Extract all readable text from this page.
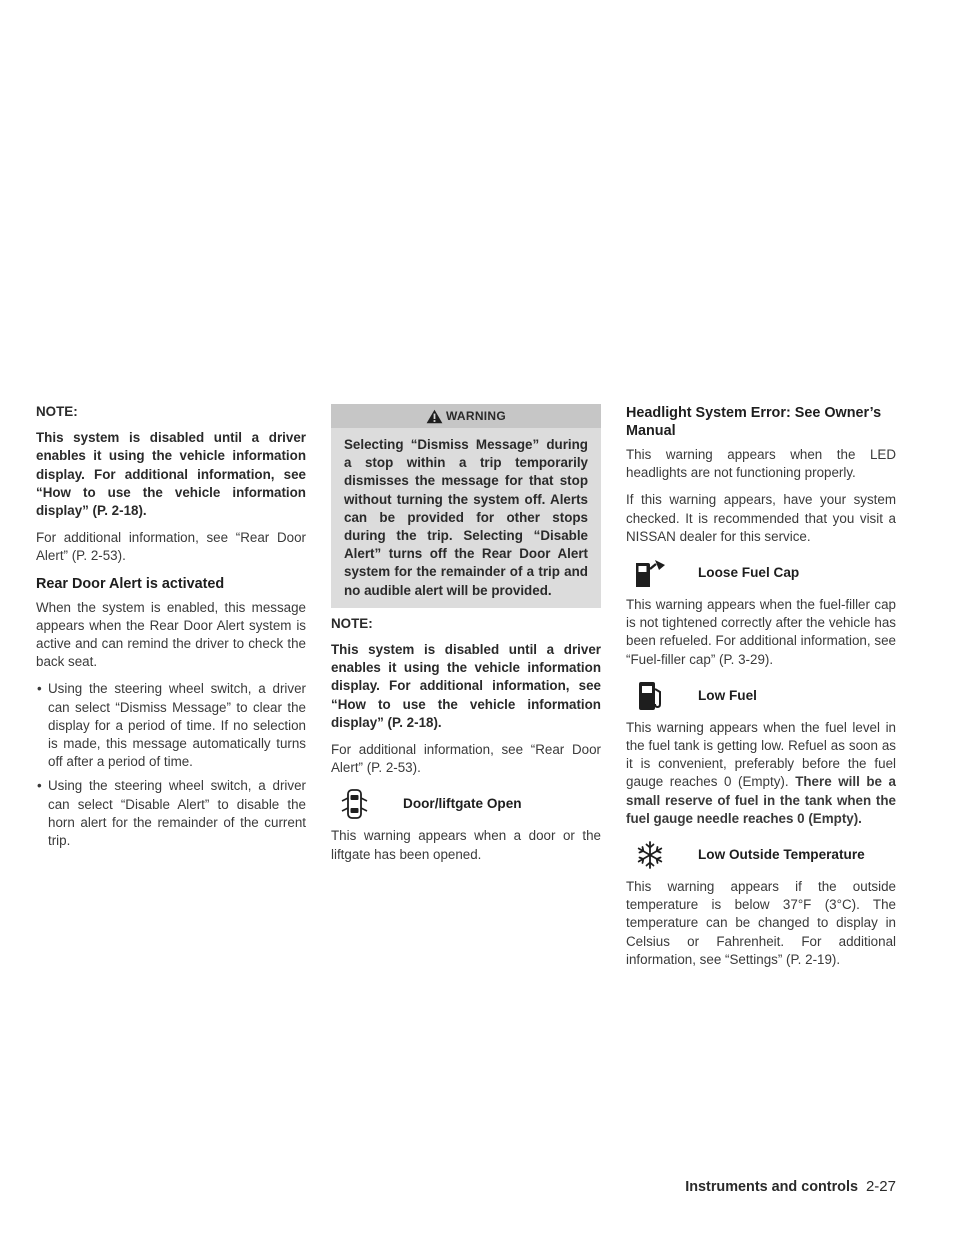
NOTE:

This system is disabled until a driver enables it using the vehicle information display. For additional information, see “How to use the vehicle information display” (P. 2-18).

For additional information, see “Rear Door Alert” (P. 2-53).

Rear Door Alert is activated

When the system is enabled, this message appears when the Rear Door Alert system is active and can remind the driver to check the back seat.

• Using the steering wheel switch, a driver can select “Dismiss Message” to clear the display for a period of time. If no selection is made, this message automatically turns off after a period of time.
• Using the steering wheel switch, a driver can select “Disable Alert” to disable the horn alert for the remainder of the current trip.
WARNING

Selecting “Dismiss Message” during a stop within a trip temporarily dismisses the message for that stop without turning the system off. Alerts can be provided for other stops during the trip. Selecting “Disable Alert” turns off the Rear Door Alert system for the remainder of a trip and no audible alert will be provided.

NOTE:

This system is disabled until a driver enables it using the vehicle information display. For additional information, see “How to use the vehicle information display” (P. 2-18).

For additional information, see “Rear Door Alert” (P. 2-53).

Door/liftgate Open

This warning appears when a door or the liftgate has been opened.

Headlight System Error: See Owner’s Manual

This warning appears when the LED headlights are not functioning properly.

If this warning appears, have your system checked. It is recommended that you visit a NISSAN dealer for this service.

Loose Fuel Cap

This warning appears when the fuel-filler cap is not tightened correctly after the vehicle has been refueled. For additional information, see “Fuel-filler cap” (P. 3-29).

Low Fuel

This warning appears when the fuel level in the fuel tank is getting low. Refuel as soon as it is convenient, preferably before the fuel gauge reaches 0 (Empty). There will be a small reserve of fuel in the tank when the fuel gauge needle reaches 0 (Empty).

Low Outside Temperature

This warning appears if the outside temperature is below 37°F (3°C). The temperature can be changed to display in Celsius or Fahrenheit. For additional information, see “Settings” (P. 2-19).

Instruments and controls 2-27
